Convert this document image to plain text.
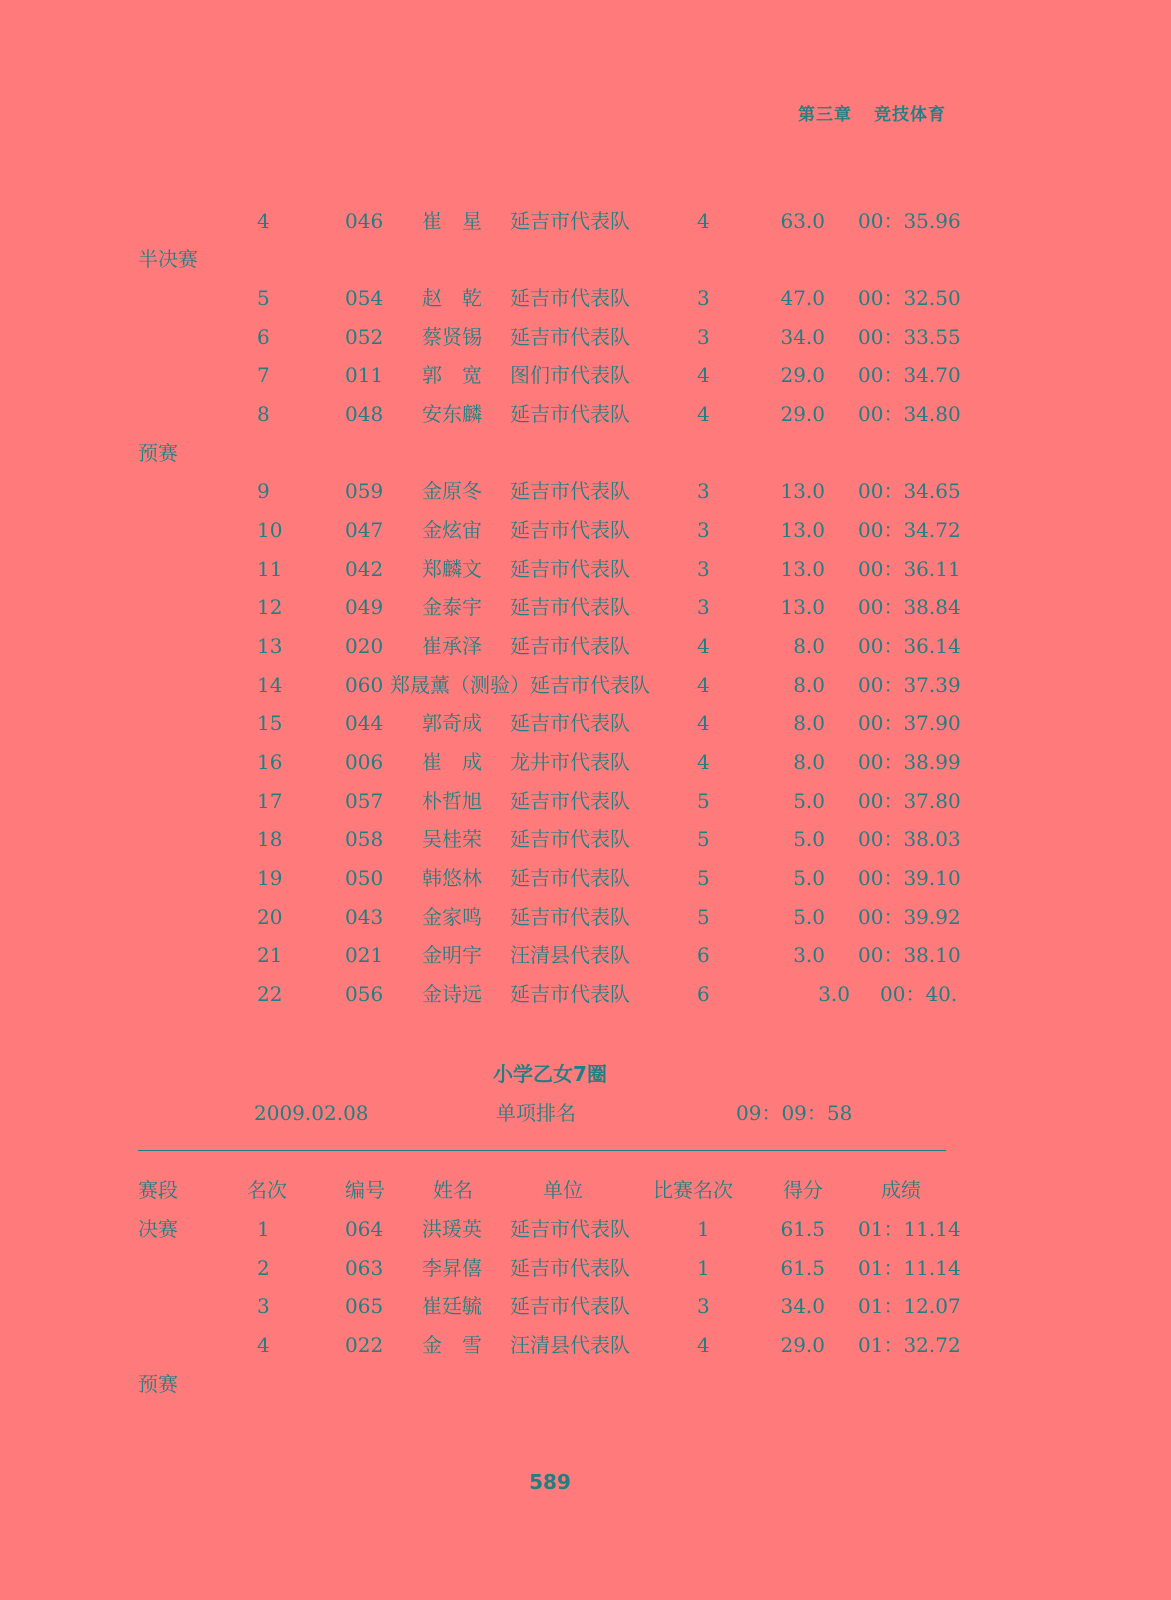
第三章 竞技体育
4	046 崔　星 延吉市代表队	4	63.0 00：35.96
半决赛
5	054 赵　乾 延吉市代表队	3	47.0 00：32.50
6	052 蔡贤锡 延吉市代表队	3	34.0 00：33.55
7	011 郭　宽 图们市代表队	4	29.0 00：34.70
8	048 安东麟 延吉市代表队	4	29.0 00：34.80
预赛
9	059 金原冬 延吉市代表队	3	13.0 00：34.65
10	047 金炫宙 延吉市代表队	3	13.0 00：34.72
11	042 郑麟文 延吉市代表队	3	13.0 00：36.11
12	049 金泰宇 延吉市代表队	3	13.0 00：38.84
13	020 崔承泽 延吉市代表队	4	8.0 00：36.14
14	060 郑晟薰（测验）延吉市代表队 4	8.0 00：37.39
15	044 郭奇成 延吉市代表队	4	8.0 00：37.90
16	006 崔　成 龙井市代表队	4	8.0 00：38.99
17	057 朴哲旭 延吉市代表队	5	5.0 00：37.80
18	058 吴桂荣 延吉市代表队	5	5.0 00：38.03
19	050 韩悠林 延吉市代表队	5	5.0 00：39.10
20	043 金家鸣 延吉市代表队	5	5.0 00：39.92
21	021 金明宇 汪清县代表队	6	3.0 00：38.10
22	056 金诗远 延吉市代表队	6	3.0 00：40.
小学乙女7圈
2009.02.08	单项排名	09：09：58
赛段	名次	编号 姓名	单位	比赛名次	得分	成绩
决赛	1	064 洪瑗英 延吉市代表队	1	61.5 01：11.14
2	063 李昇僖 延吉市代表队	1	61.5 01：11.14
3	065 崔廷毓 延吉市代表队	3	34.0 01：12.07
4	022 金　雪 汪清县代表队	4	29.0 01：32.72
预赛
589
